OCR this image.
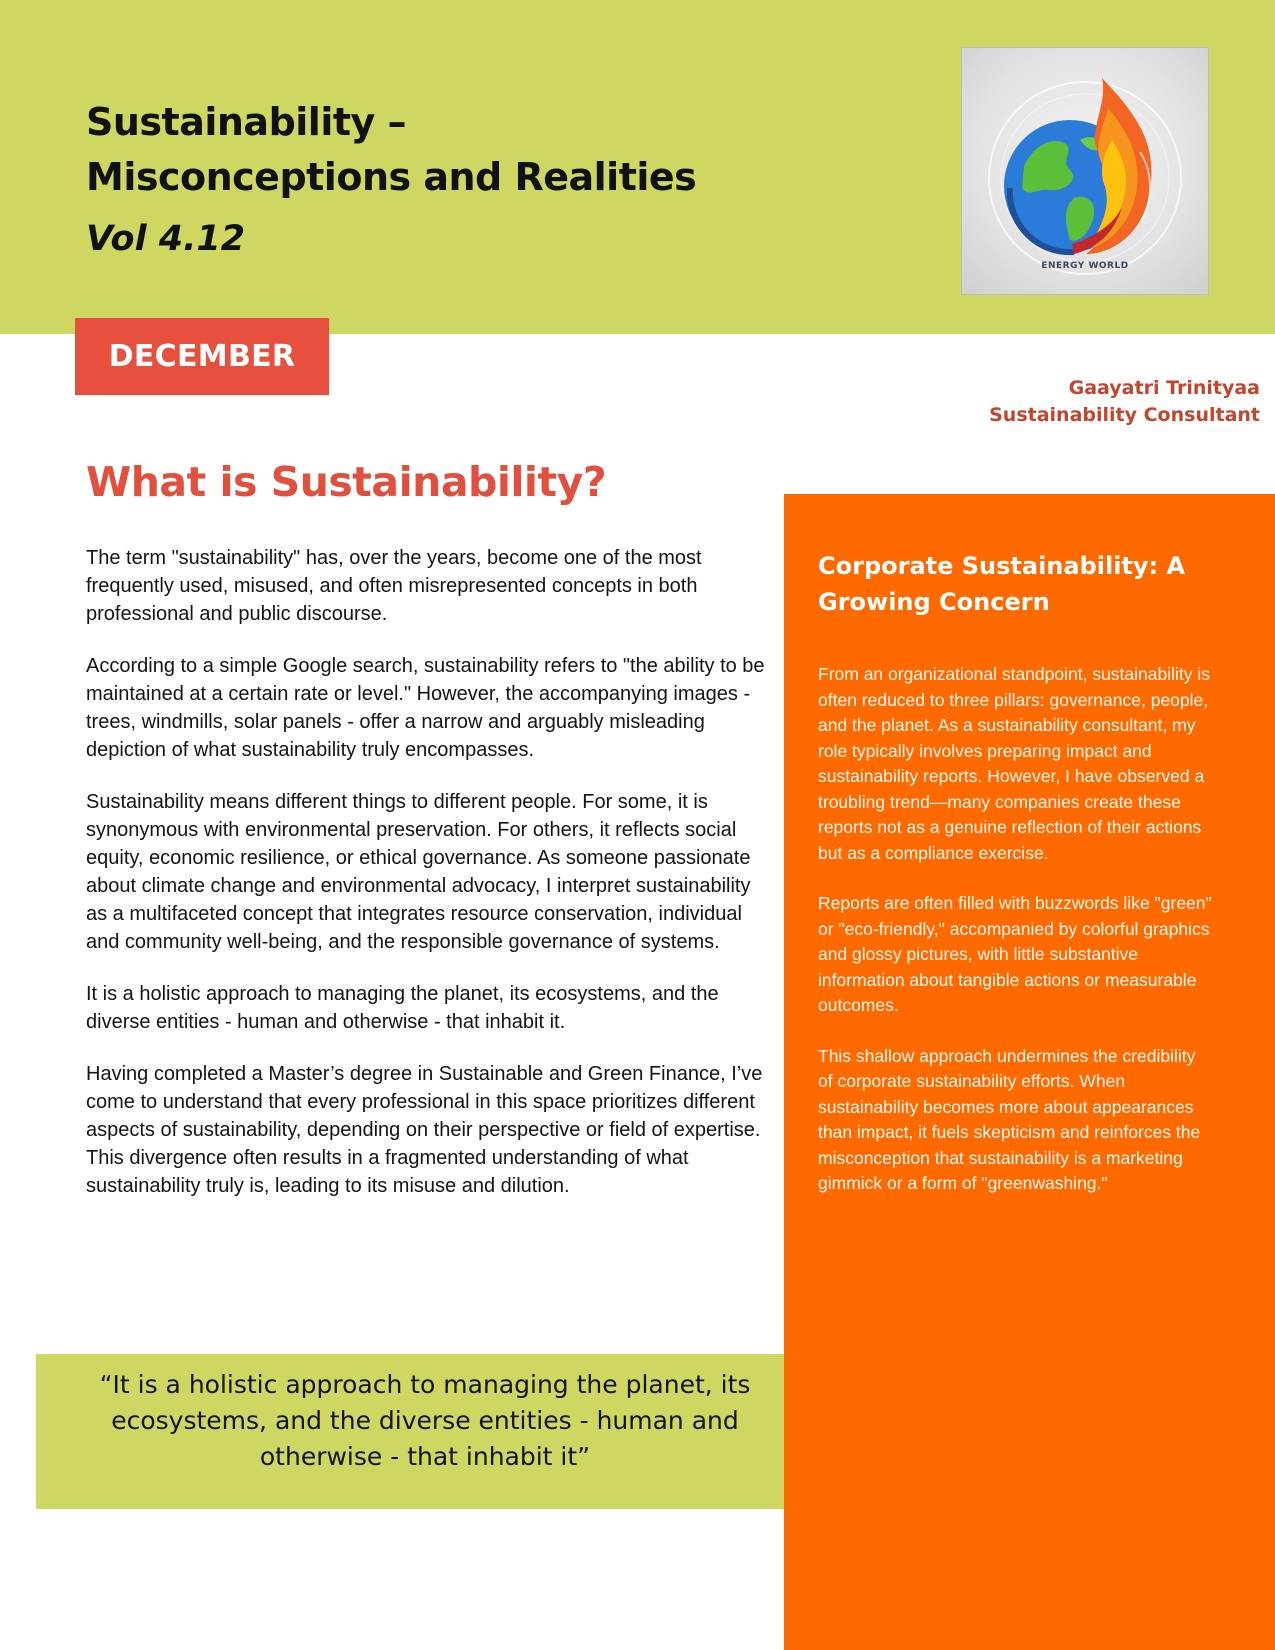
Sustainability –
Misconceptions and Realities
Vol 4.12
ENERGY WORLD
DECEMBER
Gaayatri Trinityaa
Sustainability Consultant
What is Sustainability?

The term "sustainability" has, over the years, become one of the most frequently used, misused, and often misrepresented concepts in both professional and public discourse.

According to a simple Google search, sustainability refers to "the ability to be maintained at a certain rate or level." However, the accompanying images - trees, windmills, solar panels - offer a narrow and arguably misleading depiction of what sustainability truly encompasses.

Sustainability means different things to different people. For some, it is synonymous with environmental preservation. For others, it reflects social equity, economic resilience, or ethical governance. As someone passionate about climate change and environmental advocacy, I interpret sustainability as a multifaceted concept that integrates resource conservation, individual and community well-being, and the responsible governance of systems.

It is a holistic approach to managing the planet, its ecosystems, and the diverse entities - human and otherwise - that inhabit it.

Having completed a Master’s degree in Sustainable and Green Finance, I’ve come to understand that every professional in this space prioritizes different aspects of sustainability, depending on their perspective or field of expertise. This divergence often results in a fragmented understanding of what sustainability truly is, leading to its misuse and dilution.

“It is a holistic approach to managing the planet, its ecosystems, and the diverse entities - human and otherwise - that inhabit it”
Corporate Sustainability: A Growing Concern

From an organizational standpoint, sustainability is often reduced to three pillars: governance, people, and the planet. As a sustainability consultant, my role typically involves preparing impact and sustainability reports. However, I have observed a troubling trend—many companies create these reports not as a genuine reflection of their actions but as a compliance exercise.

Reports are often filled with buzzwords like "green" or "eco-friendly," accompanied by colorful graphics and glossy pictures, with little substantive information about tangible actions or measurable outcomes.

This shallow approach undermines the credibility of corporate sustainability efforts. When sustainability becomes more about appearances than impact, it fuels skepticism and reinforces the misconception that sustainability is a marketing gimmick or a form of "greenwashing."
